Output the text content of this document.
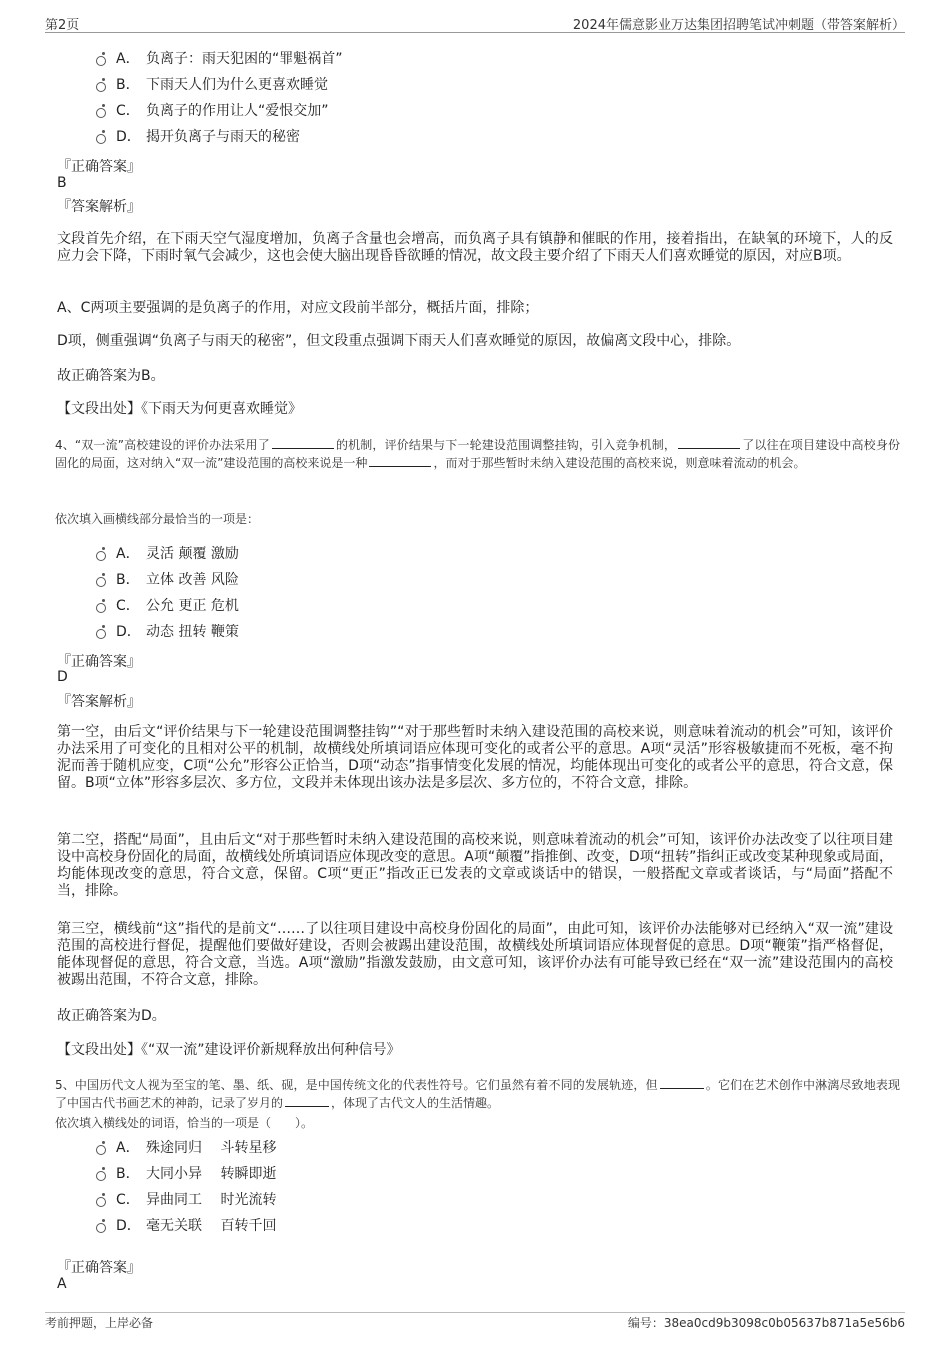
第2页	2024年儒意影业万达集团招聘笔试冲刺题（带答案解析）
A． 负离子：雨天犯困的“罪魁祸首”
B． 下雨天人们为什么更喜欢睡觉
C． 负离子的作用让人“爱恨交加”
D． 揭开负离子与雨天的秘密
『正确答案』
B
『答案解析』
文段首先介绍，在下雨天空气湿度增加，负离子含量也会增高，而负离子具有镇静和催眠的作用，接着指出，在缺氧的环境下，人的反应力会下降，下雨时氧气会减少，这也会使大脑出现昏昏欲睡的情况，故文段主要介绍了下雨天人们喜欢睡觉的原因，对应B项。
A、C两项主要强调的是负离子的作用，对应文段前半部分，概括片面，排除；
D项，侧重强调“负离子与雨天的秘密”，但文段重点强调下雨天人们喜欢睡觉的原因，故偏离文段中心，排除。
故正确答案为B。
【文段出处】《下雨天为何更喜欢睡觉》
4、“双一流”高校建设的评价办法采用了	的机制，评价结果与下一轮建设范围调整挂钩，引入竞争机制，	了以往在项目建设中高校身份固化的局面，这对纳入“双一流”建设范围的高校来说是一种	，而对于那些暂时未纳入建设范围的高校来说，则意味着流动的机会。
依次填入画横线部分最恰当的一项是：
A． 灵活 颠覆 激励
B． 立体 改善 风险
C． 公允 更正 危机
D． 动态 扭转 鞭策
『正确答案』
D
『答案解析』
第一空，由后文“评价结果与下一轮建设范围调整挂钩”“对于那些暂时未纳入建设范围的高校来说，则意味着流动的机会”可知，该评价办法采用了可变化的且相对公平的机制，故横线处所填词语应体现可变化的或者公平的意思。A项“灵活”形容极敏捷而不死板，毫不拘泥而善于随机应变，C项“公允”形容公正恰当，D项“动态”指事情变化发展的情况，均能体现出可变化的或者公平的意思，符合文意，保留。B项“立体”形容多层次、多方位，文段并未体现出该办法是多层次、多方位的，不符合文意，排除。
第二空，搭配“局面”，且由后文“对于那些暂时未纳入建设范围的高校来说，则意味着流动的机会”可知，该评价办法改变了以往项目建设中高校身份固化的局面，故横线处所填词语应体现改变的意思。A项“颠覆”指推倒、改变，D项“扭转”指纠正或改变某种现象或局面，均能体现改变的意思，符合文意，保留。C项“更正”指改正已发表的文章或谈话中的错误，一般搭配文章或者谈话，与“局面”搭配不当，排除。
第三空，横线前“这”指代的是前文“……了以往项目建设中高校身份固化的局面”，由此可知，该评价办法能够对已经纳入“双一流”建设范围的高校进行督促，提醒他们要做好建设，否则会被踢出建设范围，故横线处所填词语应体现督促的意思。D项“鞭策”指严格督促，能体现督促的意思，符合文意，当选。A项“激励”指激发鼓励，由文意可知，该评价办法有可能导致已经在“双一流”建设范围内的高校被踢出范围，不符合文意，排除。
故正确答案为D。
【文段出处】《“双一流”建设评价新规释放出何种信号》
5、中国历代文人视为至宝的笔、墨、纸、砚，是中国传统文化的代表性符号。它们虽然有着不同的发展轨迹，但	。它们在艺术创作中淋漓尽致地表现了中国古代书画艺术的神韵，记录了岁月的	，体现了古代文人的生活情趣。
依次填入横线处的词语，恰当的一项是（　　）。
A． 殊途同归　 斗转星移
B． 大同小异　 转瞬即逝
C． 异曲同工　 时光流转
D． 毫无关联　 百转千回
『正确答案』
A
考前押题，上岸必备	编号：38ea0cd9b3098c0b05637b871a5e56b6
